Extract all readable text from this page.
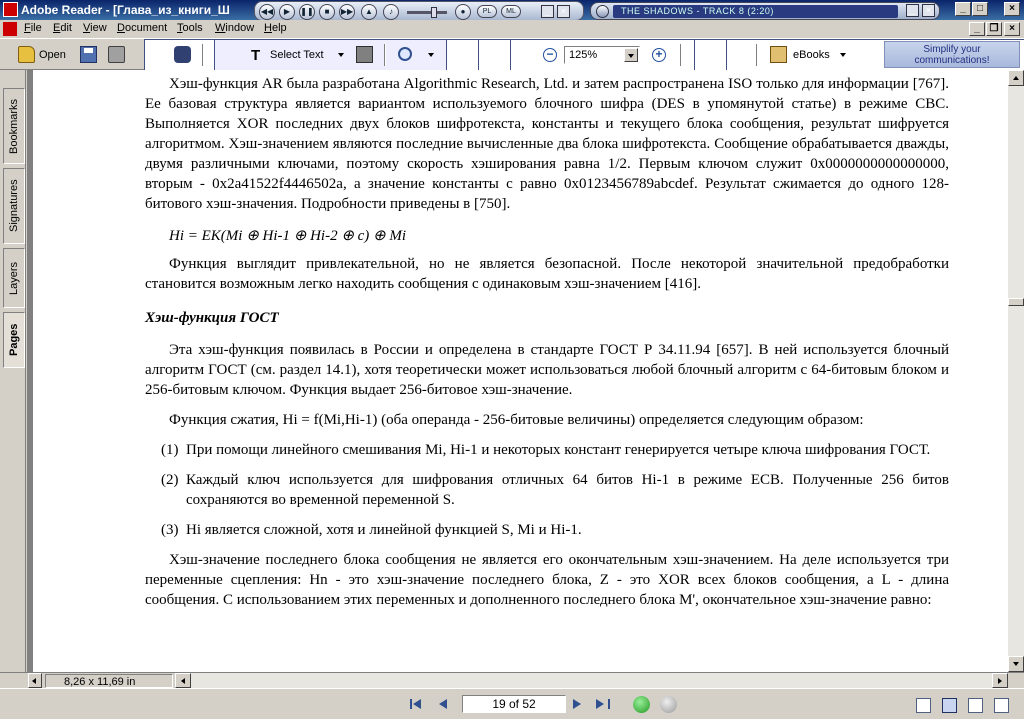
Adobe Reader - [Глава_из_книги_Ш	◀◀	▶	❚❚	■	▶▶	▲	♪	●	PL	ML	_	×	THE SHADOWS - TRACK 8 (2:20)	_	×	_	□	×
File Edit View Document Tools Window Help	_ ❐	×
Open	T Select Text	−	125%	+	eBooks	Simplify your communications!
Bookmarks
Signatures
Layers
Pages

Хэш-функция AR была разработана Algorithmic Research, Ltd. и затем распространена ISO только для информации [767]. Ее базовая структура является вариантом используемого блочного шифра (DES в упомянутой статье) в режиме CBC. Выполняется XOR последних двух блоков шифротекста, константы и текущего блока сообщения, результат шифруется алгоритмом. Хэш-значением являются последние вычисленные два блока шифротекста. Сообщение обрабатывается дважды, двумя различными ключами, поэтому скорость хэширования равна 1/2. Первым ключом служит 0x0000000000000000, вторым - 0x2a41522f4446502a, а значение константы c равно 0x0123456789abcdef. Результат сжимается до одного 128-битового хэш-значения. Подробности приведены в [750].

Hi = EK(Mi ⊕ Hi-1 ⊕ Hi-2 ⊕ c) ⊕ Mi

Функция выглядит привлекательной, но не является безопасной. После некоторой значительной предобработки становится возможным легко находить сообщения с одинаковым хэш-значением [416].

Хэш-функция ГОСТ

Эта хэш-функция появилась в России и определена в стандарте ГОСТ Р 34.11.94 [657]. В ней используется блочный алгоритм ГОСТ (см. раздел 14.1), хотя теоретически может использоваться любой блочный алгоритм с 64-битовым блоком и 256-битовым ключом. Функция выдает 256-битовое хэш-значение.

Функция сжатия, Hi = f(Mi,Hi-1) (оба операнда - 256-битовые величины) определяется следующим образом:

(1) При помощи линейного смешивания Mi, Hi-1 и некоторых констант генерируется четыре ключа шифрования ГОСТ.
(2) Каждый ключ используется для шифрования отличных 64 битов Hi-1 в режиме ECB. Полученные 256 битов сохраняются во временной переменной S.
(3) Hi является сложной, хотя и линейной функцией S, Mi и Hi-1.

Хэш-значение последнего блока сообщения не является его окончательным хэш-значением. На деле используется три переменные сцепления: Hn - это хэш-значение последнего блока, Z - это XOR всех блоков сообщения, а L - длина сообщения. С использованием этих переменных и дополненного последнего блока M', окончательное хэш-значение равно:

8,26 x 11,69 in
19 of 52
